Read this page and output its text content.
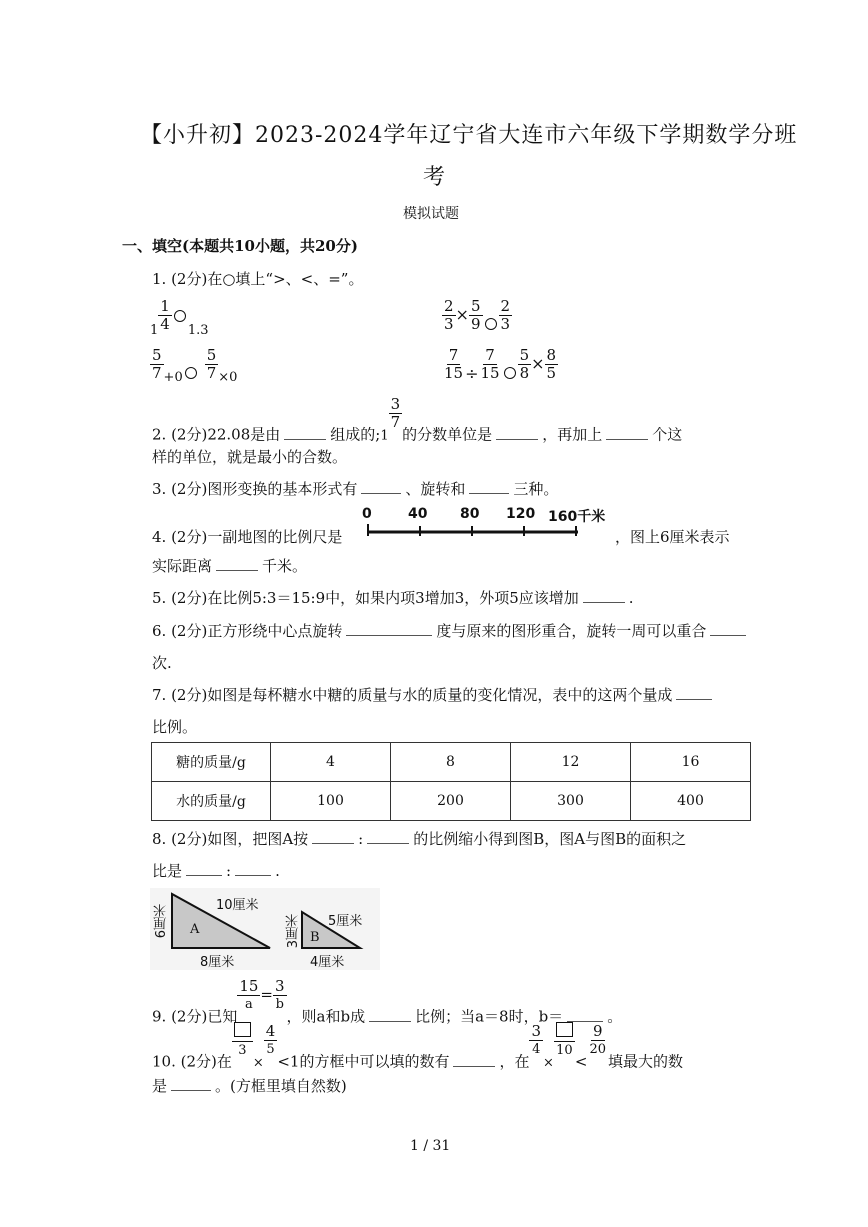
【小升初】2023-2024学年辽宁省大连市六年级下学期数学分班
考
模拟试题
一、填空(本题共10小题，共20分)
1. (2分)在○填上“>、<、=”。
$_1 \frac{1}{4} _{1.3}$	$\frac{2}{3} \times \frac{5}{9} \frac{2}{3}$
$\frac{5}{7} _{+0} \frac{5}{7} _{\times 0}$	$\frac{7}{15} \div \frac{7}{15} \frac{5}{8} \times \frac{8}{5}$
2. (2分)22.08是由	组成的;1
$\frac{3}{7}$
的分数单位是	，再加上	个这
样的单位，就是最小的合数。
3. (2分)图形变换的基本形式有	、旋转和	三种。
4. (2分)一副地图的比例尺是
0	40 80 120 160千米
，图上6厘米表示
实际距离	千米。
5. (2分)在比例5:3＝15:9中，如果内项3增加3，外项5应该增加	.
6. (2分)正方形绕中心点旋转	度与原来的图形重合，旋转一周可以重合
次.
7. (2分)如图是每杯糖水中糖的质量与水的质量的变化情况，表中的这两个量成
比例。
糖的质量/g	4	8	12	16
水的质量/g	100	200	300	400
8. (2分)如图，把图A按	:	的比例缩小得到图B，图A与图B的面积之
比是	:	.
10厘米
6厘米
8厘米
A
5厘米
3厘米
4厘米
B
9. (2分)已知
$\frac{15}{a} = \frac{3}{b}$
，则a和b成	比例；当a＝8时，b＝	。
10. (2分)在
3
×
$\frac{4}{5}$
<1的方框中可以填的数有	，在
$\frac{3}{4}$
×
10
<
$\frac{9}{20}$
填最大的数
是	。(方框里填自然数)
1 / 31
